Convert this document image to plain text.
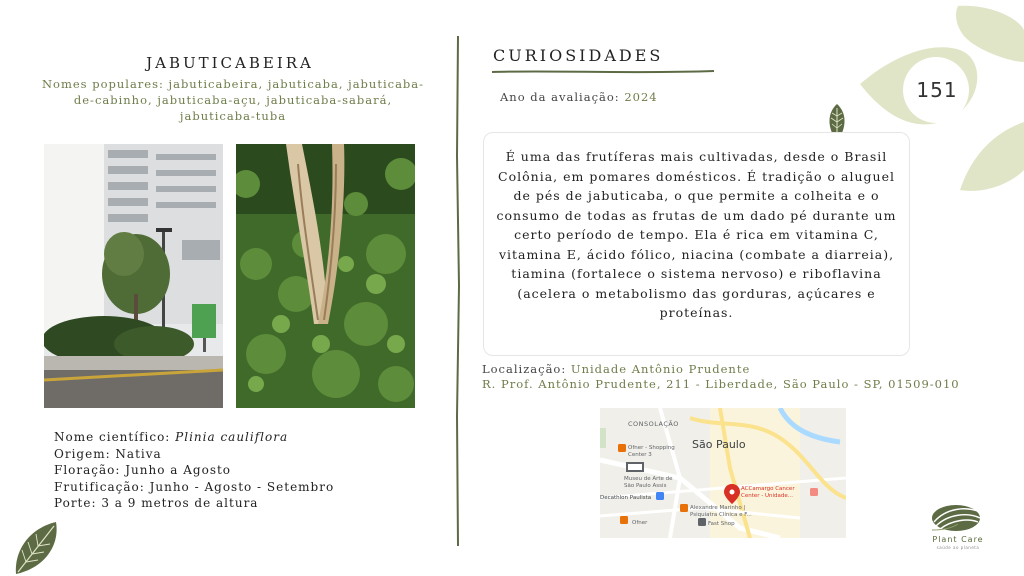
151
JABUTICABEIRA
Nomes populares: jabuticabeira, jabuticaba, jabuticaba-de-cabinho, jabuticaba-açu, jabuticaba-sabará, jabuticaba-tuba
Nome científico: Plinia cauliflora
Origem: Nativa
Floração: Junho a Agosto
Frutificação: Junho - Agosto - Setembro
Porte: 3 a 9 metros de altura
CURIOSIDADES
Ano da avaliação: 2024
É uma das frutíferas mais cultivadas, desde o Brasil Colônia, em pomares domésticos. É tradição o aluguel de pés de jabuticaba, o que permite a colheita e o consumo de todas as frutas de um dado pé durante um certo período de tempo. Ela é rica em vitamina C, vitamina E, ácido fólico, niacina (combate a diarreia), tiamina (fortalece o sistema nervoso) e riboflavina (acelera o metabolismo das gorduras, açúcares e proteínas.
Localização: Unidade Antônio Prudente
R. Prof. Antônio Prudente, 211 - Liberdade, São Paulo - SP, 01509-010
CONSOLAÇÃO
São Paulo
Ofner - Shopping
Center 3
Museu de Arte de
São Paulo Assis
Decathlon Paulista
Alexandre Marinho |
Psiquiatra Clínica e F...
ACCamargo Cancer
Center - Unidade...
Ofner	Fast Shop
Plant Care
saúde ao planeta
